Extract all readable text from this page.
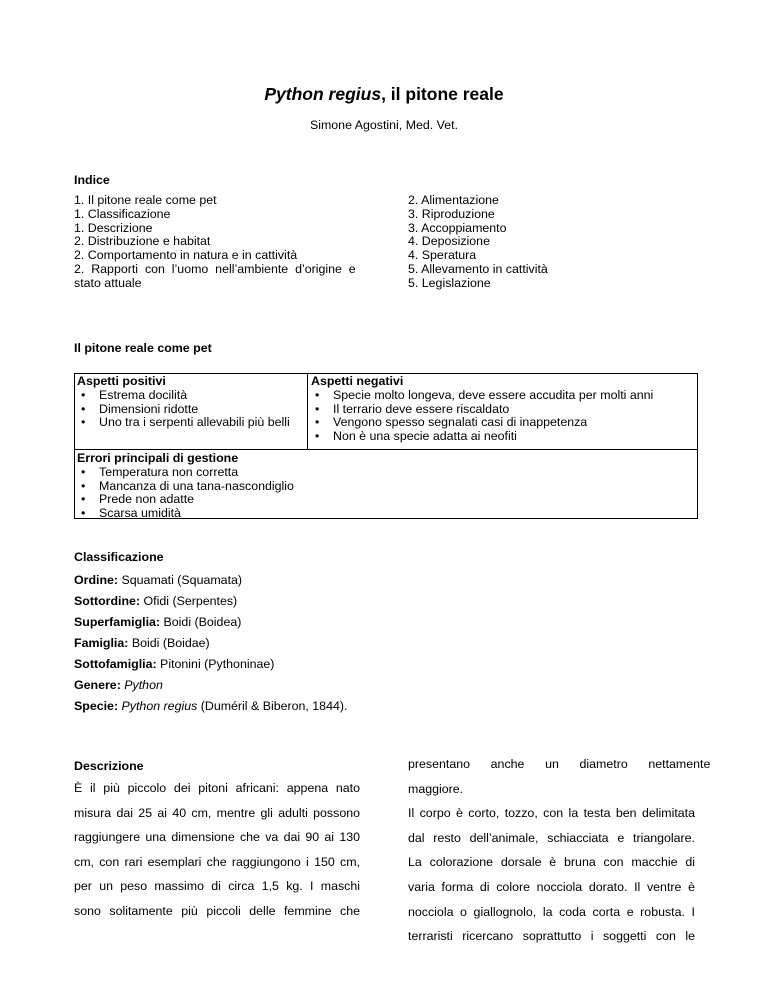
Python regius, il pitone reale
Simone Agostini, Med. Vet.
Indice
1. Il pitone reale come pet
1. Classificazione
1. Descrizione
2. Distribuzione e habitat
2. Comportamento in natura e in cattività
2.  Rapporti  con  l’uomo  nell’ambiente  d’origine  e
stato attuale
2. Alimentazione
3. Riproduzione
3. Accoppiamento
4. Deposizione
4. Speratura
5. Allevamento in cattività
5. Legislazione
Il pitone reale come pet
Aspetti positivi
• Estrema docilità
• Dimensioni ridotte
• Uno tra i serpenti allevabili più belli
Aspetti negativi
• Specie molto longeva, deve essere accudita per molti anni
• Il terrario deve essere riscaldato
• Vengono spesso segnalati casi di inappetenza
• Non è una specie adatta ai neofiti
Errori principali di gestione
• Temperatura non corretta
• Mancanza di una tana-nascondiglio
• Prede non adatte
• Scarsa umidità
Classificazione
Ordine: Squamati (Squamata)
Sottordine: Ofidi (Serpentes)
Superfamiglia: Boidi (Boidea)
Famiglia: Boidi (Boidae)
Sottofamiglia: Pitonini (Pythoninae)
Genere: Python
Specie: Python regius (Duméril & Biberon, 1844).
Descrizione

È il più piccolo dei pitoni africani: appena nato

misura dai 25 ai 40 cm, mentre gli adulti possono

raggiungere una dimensione che va dai 90 ai 130

cm, con rari esemplari che raggiungono i 150 cm,

per un peso massimo di circa 1,5 kg. I maschi

sono solitamente più piccoli delle femmine che

presentano      anche      un      diametro      nettamente

maggiore.

Il corpo è corto, tozzo, con la testa ben delimitata

dal resto dell’animale, schiacciata e triangolare.

La colorazione dorsale è bruna con macchie di

varia forma di colore nocciola dorato. Il ventre è

nocciola o giallognolo, la coda corta e robusta. I

terraristi ricercano soprattutto i soggetti con le
